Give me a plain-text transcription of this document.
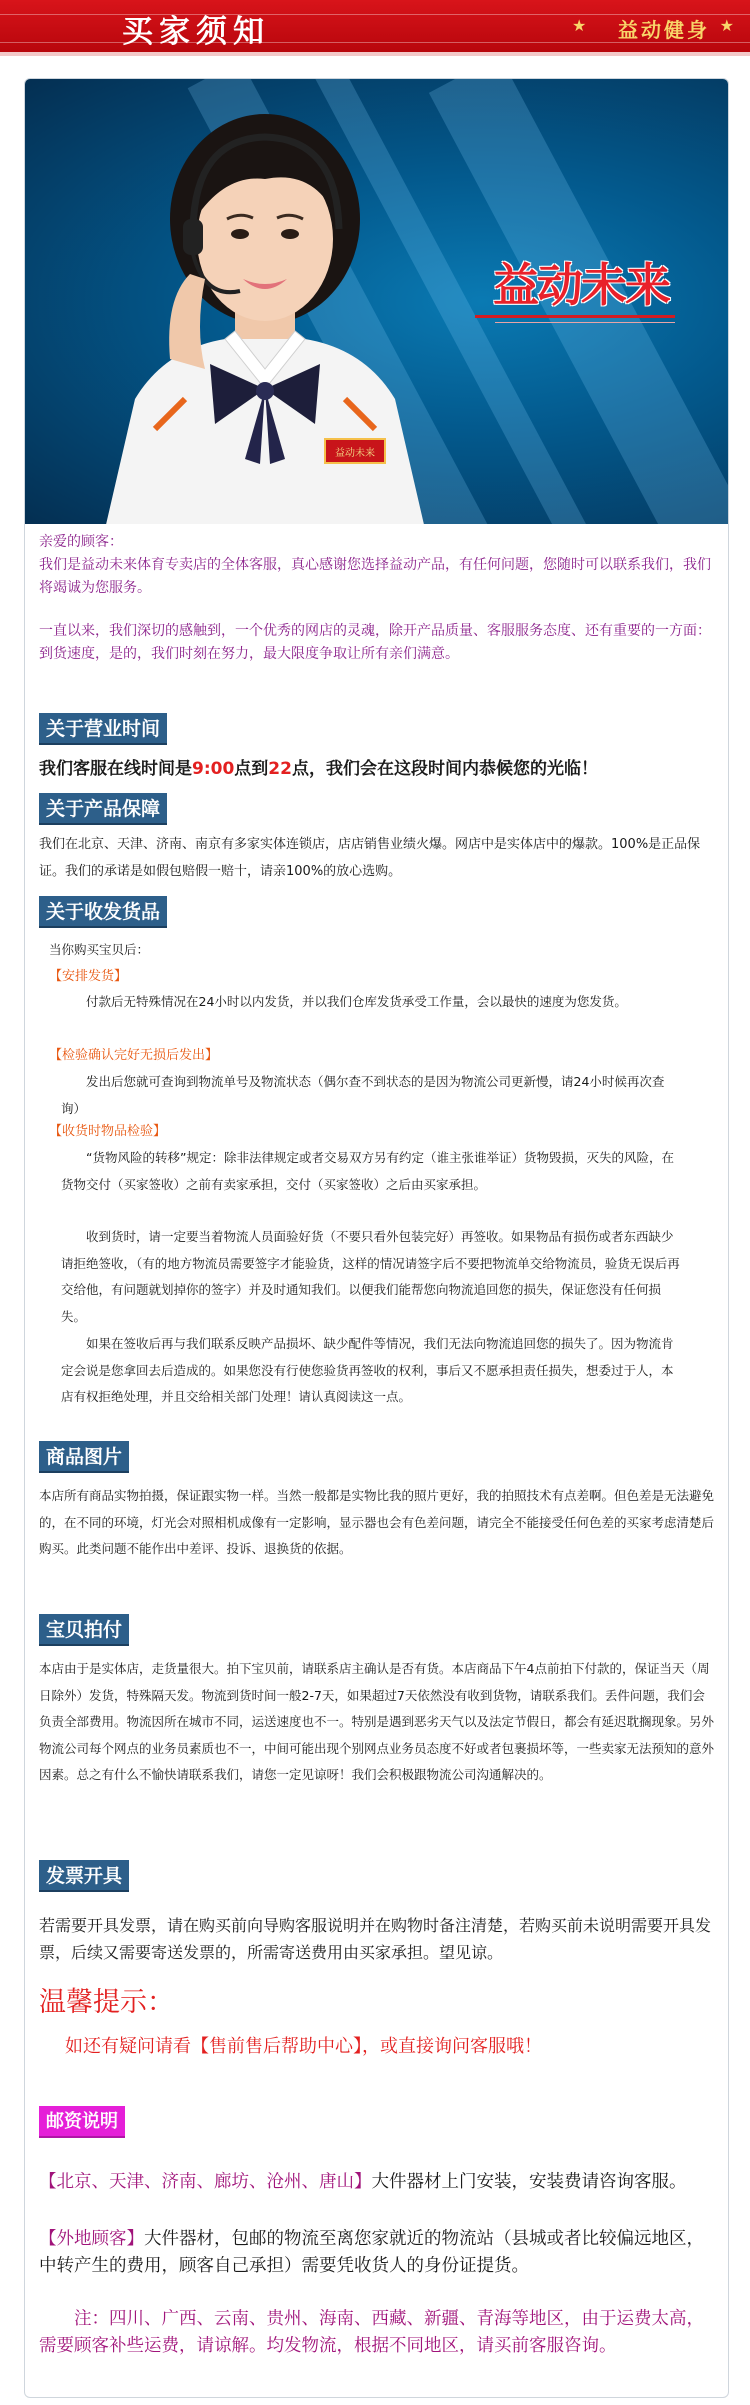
买家须知	★ 益动健身 ★
益动未来
益动未来
亲爱的顾客：
我们是益动未来体育专卖店的全体客服，真心感谢您选择益动产品，有任何问题，您随时可以联系我们，我们将竭诚为您服务。
一直以来，我们深切的感触到，一个优秀的网店的灵魂，除开产品质量、客服服务态度、还有重要的一方面：到货速度，是的，我们时刻在努力，最大限度争取让所有亲们满意。
关于营业时间
我们客服在线时间是9:00点到22点，我们会在这段时间内恭候您的光临！
关于产品保障
我们在北京、天津、济南、南京有多家实体连锁店，店店销售业绩火爆。网店中是实体店中的爆款。100%是正品保证。我们的承诺是如假包赔假一赔十，请亲100%的放心选购。
关于收发货品
当你购买宝贝后：
【安排发货】
付款后无特殊情况在24小时以内发货，并以我们仓库发货承受工作量，会以最快的速度为您发货。
【检验确认完好无损后发出】
发出后您就可查询到物流单号及物流状态（偶尔查不到状态的是因为物流公司更新慢，请24小时候再次查询）
【收货时物品检验】
“货物风险的转移”规定：除非法律规定或者交易双方另有约定（谁主张谁举证）货物毁损，灭失的风险，在货物交付（买家签收）之前有卖家承担，交付（买家签收）之后由买家承担。
收到货时，请一定要当着物流人员面验好货（不要只看外包装完好）再签收。如果物品有损伤或者东西缺少请拒绝签收，（有的地方物流员需要签字才能验货，这样的情况请签字后不要把物流单交给物流员，验货无误后再交给他，有问题就划掉你的签字）并及时通知我们。以便我们能帮您向物流追回您的损失，保证您没有任何损失。
如果在签收后再与我们联系反映产品损坏、缺少配件等情况，我们无法向物流追回您的损失了。因为物流肯定会说是您拿回去后造成的。如果您没有行使您验货再签收的权利，事后又不愿承担责任损失，想委过于人，本店有权拒绝处理，并且交给相关部门处理！请认真阅读这一点。
商品图片
本店所有商品实物拍摄，保证跟实物一样。当然一般都是实物比我的照片更好，我的拍照技术有点差啊。但色差是无法避免的，在不同的环境，灯光会对照相机成像有一定影响，显示器也会有色差问题，请完全不能接受任何色差的买家考虑清楚后购买。此类问题不能作出中差评、投诉、退换货的依据。
宝贝拍付
本店由于是实体店，走货量很大。拍下宝贝前，请联系店主确认是否有货。本店商品下午4点前拍下付款的，保证当天（周日除外）发货，特殊隔天发。物流到货时间一般2-7天，如果超过7天依然没有收到货物，请联系我们。丢件问题，我们会负责全部费用。物流因所在城市不同，运送速度也不一。特别是遇到恶劣天气以及法定节假日，都会有延迟耽搁现象。另外物流公司每个网点的业务员素质也不一，中间可能出现个别网点业务员态度不好或者包裹损坏等，一些卖家无法预知的意外因素。总之有什么不愉快请联系我们，请您一定见谅呀！我们会积极跟物流公司沟通解决的。
发票开具
若需要开具发票，请在购买前向导购客服说明并在购物时备注清楚，若购买前未说明需要开具发票，后续又需要寄送发票的，所需寄送费用由买家承担。望见谅。
温馨提示：
如还有疑问请看【售前售后帮助中心】，或直接询问客服哦！
邮资说明
【北京、天津、济南、廊坊、沧州、唐山】大件器材上门安装，安装费请咨询客服。
【外地顾客】大件器材，包邮的物流至离您家就近的物流站（县城或者比较偏远地区，中转产生的费用，顾客自己承担）需要凭收货人的身份证提货。
注：四川、广西、云南、贵州、海南、西藏、新疆、青海等地区，由于运费太高，需要顾客补些运费，请谅解。均发物流，根据不同地区，请买前客服咨询。
